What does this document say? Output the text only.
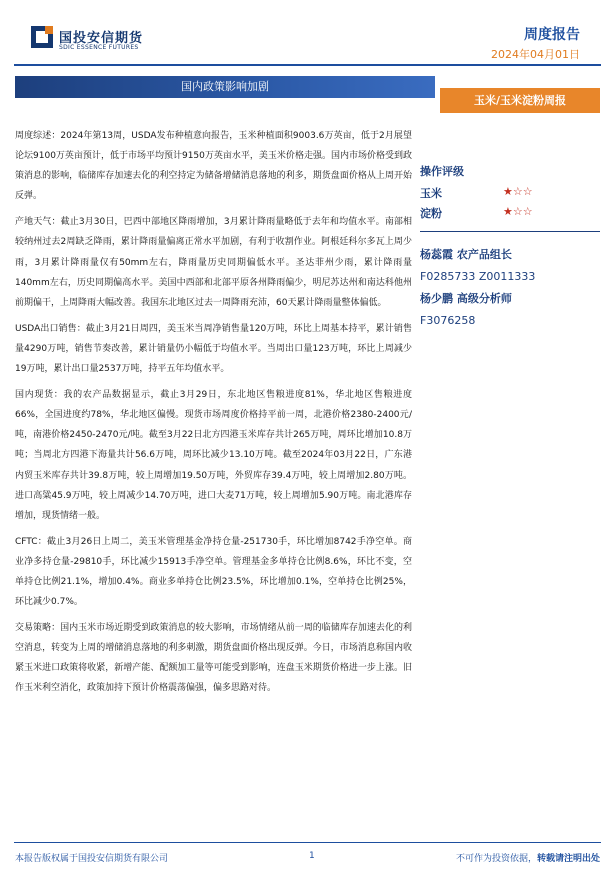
国投安信期货
SDIC ESSENCE FUTURES
周度报告
2024年04月01日
国内政策影响加剧
玉米/玉米淀粉周报

周度综述：2024年第13周，USDA发布种植意向报告，玉米种植面积9003.6万英亩，低于2月展望论坛9100万英亩预计，低于市场平均预计9150万英亩水平，美玉米价格走强。国内市场价格受到政策消息的影响，临储库存加速去化的利空持定为储备增储消息落地的利多，期货盘面价格从上周开始反弹。

产地天气：截止3月30日，巴西中部地区降雨增加，3月累计降雨量略低于去年和均值水平。南部相较纳州过去2周缺乏降雨，累计降雨量偏离正常水平加剧，有利于收割作业。阿根廷科尔多瓦上周少雨，3月累计降雨量仅有50mm左右，降雨量历史同期偏低水平。圣达菲州少雨，累计降雨量140mm左右，历史同期偏高水平。美国中西部和北部平原各州降雨偏少，明尼苏达州和南达科他州前期偏干，上周降雨大幅改善。我国东北地区过去一周降雨充沛，60天累计降雨量整体偏低。

USDA出口销售：截止3月21日周四，美玉米当周净销售量120万吨，环比上周基本持平，累计销售量4290万吨，销售节奏改善，累计销量仍小幅低于均值水平。当周出口量123万吨，环比上周减少19万吨，累计出口量2537万吨，持平五年均值水平。

国内现货：我的农产品数据显示，截止3月29日，东北地区售粮进度81%，华北地区售粮进度66%，全国进度约78%，华北地区偏慢。现货市场周度价格持平前一周，北港价格2380-2400元/吨，南港价格2450-2470元/吨。截至3月22日北方四港玉米库存共计265万吨，周环比增加10.8万吨；当周北方四港下海量共计56.6万吨，周环比减少13.10万吨。截至2024年03月22日，广东港内贸玉米库存共计39.8万吨，较上周增加19.50万吨，外贸库存39.4万吨，较上周增加2.80万吨。进口高粱45.9万吨，较上周减少14.70万吨，进口大麦71万吨，较上周增加5.90万吨。南北港库存增加，现货情绪一般。

CFTC：截止3月26日上周二，美玉米管理基金净持仓量-251730手，环比增加8742手净空单。商业净多持仓量-29810手，环比减少15913手净空单。管理基金多单持仓比例8.6%，环比不变，空单持仓比例21.1%，增加0.4%。商业多单持仓比例23.5%，环比增加0.1%，空单持仓比例25%，环比减少0.7%。

交易策略：国内玉米市场近期受到政策消息的较大影响，市场情绪从前一周的临储库存加速去化的利空消息，转变为上周的增储消息落地的利多刺激，期货盘面价格出现反弹。今日，市场消息称国内收紧玉米进口政策将收紧，新增产能、配额加工量等可能受到影响，连盘玉米期货价格进一步上涨。旧作玉米利空消化，政策加持下预计价格震荡偏强，偏多思路对待。

操作评级
玉米	★☆☆
淀粉	★☆☆
杨蕊霞 农产品组长
F0285733 Z0011333
杨少鹏 高级分析师
F3076258
本报告版权属于国投安信期货有限公司	1	不可作为投资依据，转载请注明出处
